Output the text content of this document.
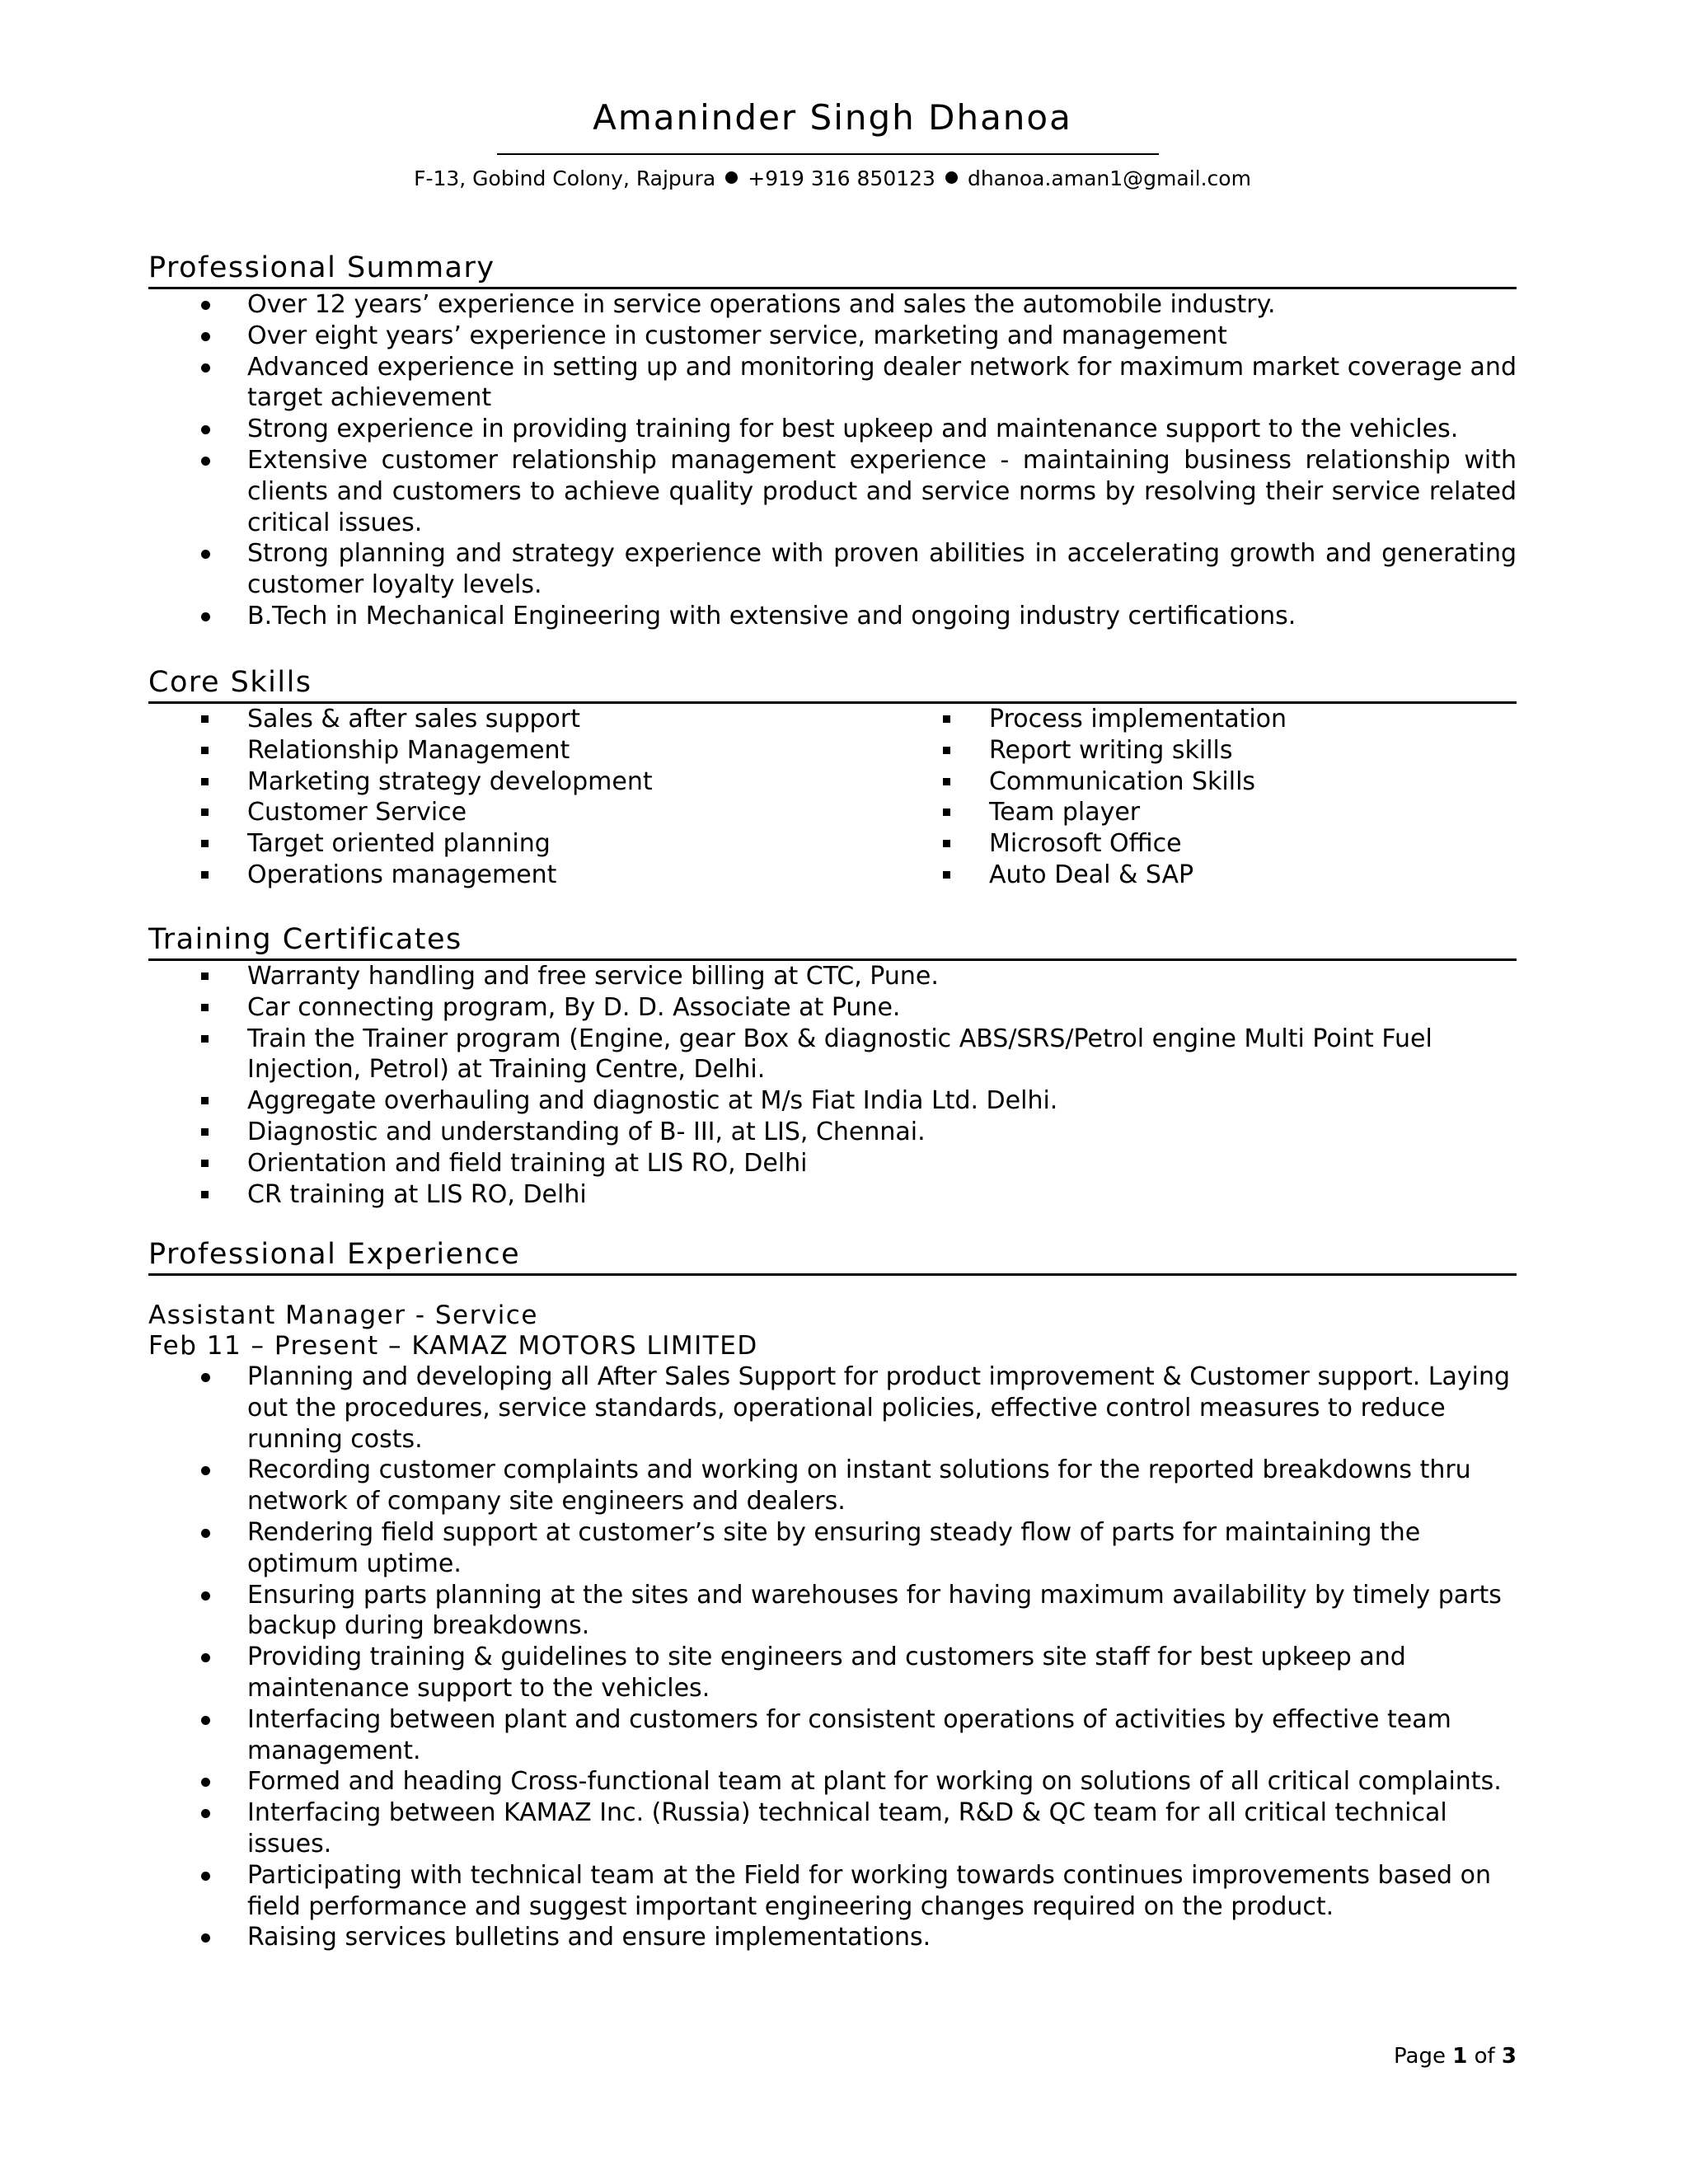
Amaninder Singh Dhanoa
F-13, Gobind Colony, Rajpura +919 316 850123 dhanoa.aman1@gmail.com
Professional Summary
Over 12 years’ experience in service operations and sales the automobile industry.
Over eight years’ experience in customer service, marketing and management
Advanced experience in setting up and monitoring dealer network for maximum market coverage and target achievement
Strong experience in providing training for best upkeep and maintenance support to the vehicles.
Extensive customer relationship management experience - maintaining business relationship with clients and customers to achieve quality product and service norms by resolving their service related critical issues.
Strong planning and strategy experience with proven abilities in accelerating growth and generating customer loyalty levels.
B.Tech in Mechanical Engineering with extensive and ongoing industry certifications.
Core Skills
Sales & after sales support
Relationship Management
Marketing strategy development
Customer Service
Target oriented planning
Operations management
Process implementation
Report writing skills
Communication Skills
Team player
Microsoft Office
Auto Deal & SAP
Training Certificates
Warranty handling and free service billing at CTC, Pune.
Car connecting program, By D. D. Associate at Pune.
Train the Trainer program (Engine, gear Box & diagnostic ABS/SRS/Petrol engine Multi Point Fuel Injection, Petrol) at Training Centre, Delhi.
Aggregate overhauling and diagnostic at M/s Fiat India Ltd. Delhi.
Diagnostic and understanding of B- III, at LIS, Chennai.
Orientation and field training at LIS RO, Delhi
CR training at LIS RO, Delhi
Professional Experience
Assistant Manager - Service
Feb 11 – Present – KAMAZ MOTORS LIMITED
Planning and developing all After Sales Support for product improvement & Customer support. Laying out the procedures, service standards, operational policies, effective control measures to reduce running costs.
Recording customer complaints and working on instant solutions for the reported breakdowns thru network of company site engineers and dealers.
Rendering field support at customer’s site by ensuring steady flow of parts for maintaining the optimum uptime.
Ensuring parts planning at the sites and warehouses for having maximum availability by timely parts backup during breakdowns.
Providing training & guidelines to site engineers and customers site staff for best upkeep and maintenance support to the vehicles.
Interfacing between plant and customers for consistent operations of activities by effective team management.
Formed and heading Cross-functional team at plant for working on solutions of all critical complaints.
Interfacing between KAMAZ Inc. (Russia) technical team, R&D & QC team for all critical technical issues.
Participating with technical team at the Field for working towards continues improvements based on field performance and suggest important engineering changes required on the product.
Raising services bulletins and ensure implementations.
Page 1 of 3
